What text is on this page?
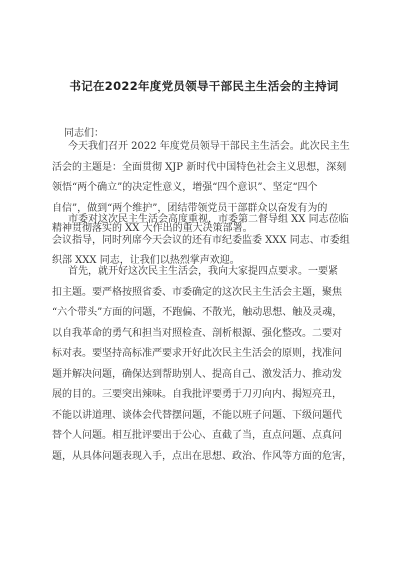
书记在2022年度党员领导干部民主生活会的主持词
同志们：
今天我们召开 2022 年度党员领导干部民主生活会。此次民主生
活会的主题是：全面贯彻 XJP 新时代中国特色社会主义思想，深刻
领悟“两个确立”的决定性意义，增强“四个意识”、坚定“四个
自信”，做到“两个维护”，团结带领党员干部群众以奋发有为的
精神贯彻落实的 XX 大作出的重大决策部署。
市委对这次民主生活会高度重视，市委第二督导组 XX 同志莅临
会议指导，同时列席今天会议的还有市纪委监委 XXX 同志、市委组
织部 XXX 同志，让我们以热烈掌声欢迎。
首先，就开好这次民主生活会，我向大家提四点要求。一要紧
扣主题。要严格按照省委、市委确定的这次民主生活会主题，聚焦
“六个带头”方面的问题，不跑偏、不散光，触动思想、触及灵魂，
以自我革命的勇气和担当对照检查、剖析根源、强化整改。二要对
标对表。要坚持高标准严要求开好此次民主生活会的原则，找准问
题并解决问题，确保达到帮助别人、提高自己、激发活力、推动发
展的目的。三要突出辣味。自我批评要勇于刀刃向内、揭短亮丑，
不能以讲道理、谈体会代替摆问题，不能以班子问题、下级问题代
替个人问题。相互批评要出于公心、直截了当，直点问题、点真问
题，从具体问题表现入手，点出在思想、政治、作风等方面的危害，
